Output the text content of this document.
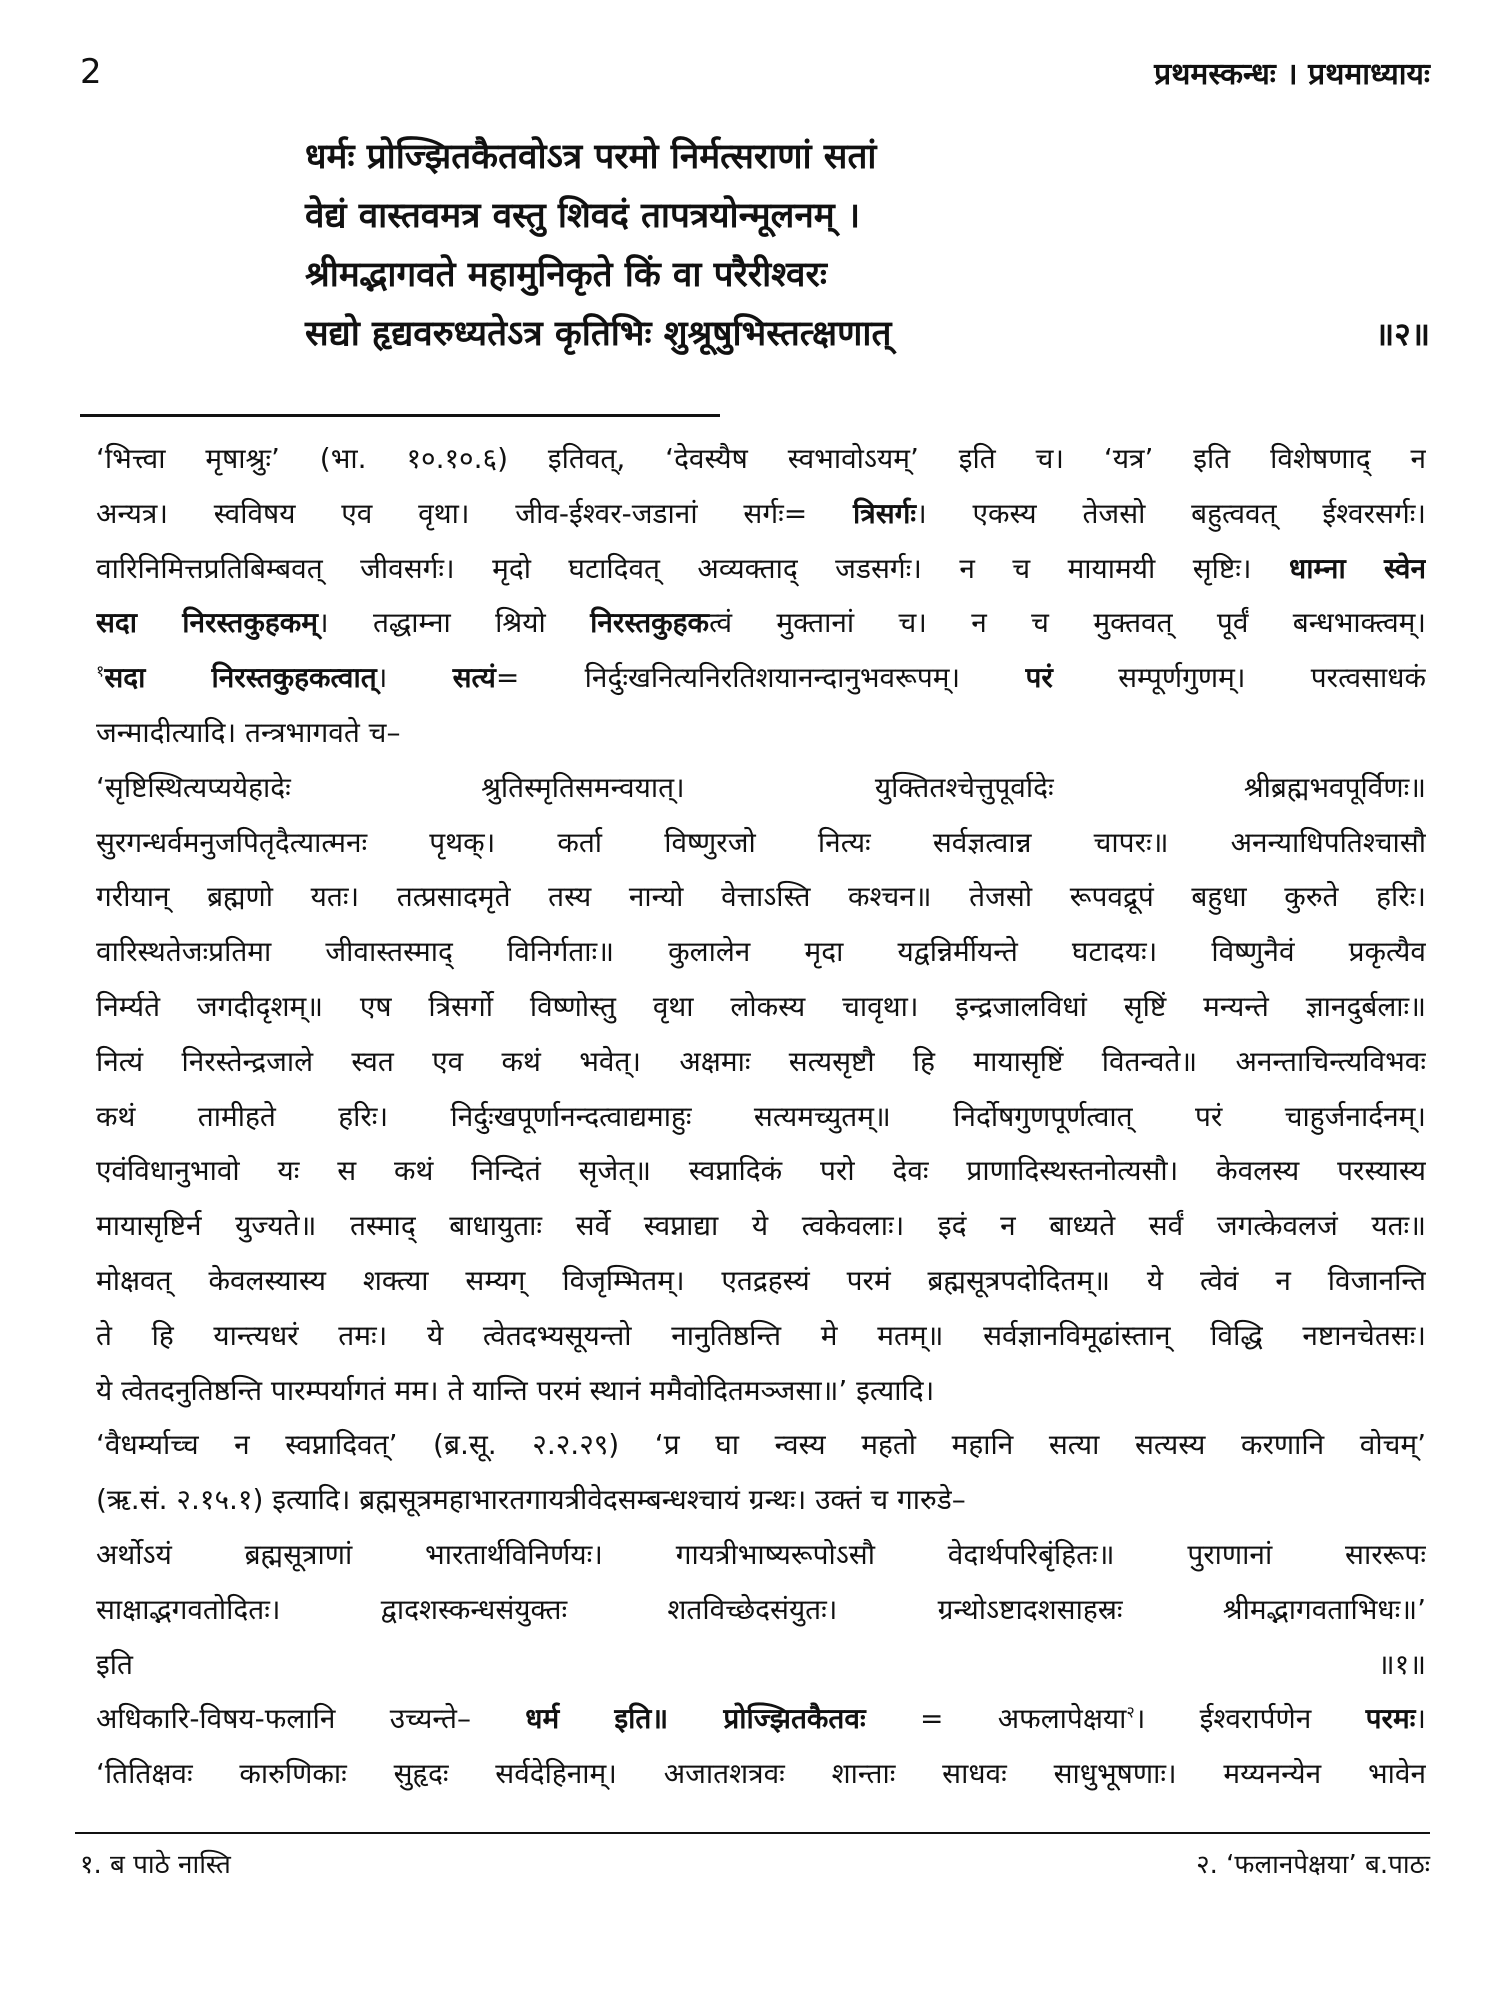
2	प्रथमस्कन्धः । प्रथमाध्यायः
धर्मः प्रोज्झितकैतवोऽत्र परमो निर्मत्सराणां सतां
वेद्यं वास्तवमत्र वस्तु शिवदं तापत्रयोन्मूलनम् ।
श्रीमद्भागवते महामुनिकृते किं वा परैरीश्वरः
सद्यो हृद्यवरुध्यतेऽत्र कृतिभिः शुश्रूषुभिस्तत्क्षणात्	॥२॥
‘भित्त्वा मृषाश्रुः’ (भा. १०.१०.६) इतिवत्, ‘देवस्यैष स्वभावोऽयम्’ इति च। ‘यत्र’ इति विशेषणाद् न
अन्यत्र। स्वविषय एव वृथा। जीव-ईश्वर-जडानां सर्गः= त्रिसर्गः। एकस्य तेजसो बहुत्ववत् ईश्वरसर्गः।
वारिनिमित्तप्रतिबिम्बवत् जीवसर्गः। मृदो घटादिवत् अव्यक्ताद् जडसर्गः। न च मायामयी सृष्टिः। धाम्ना स्वेन
सदा निरस्तकुहकम्। तद्धाम्ना श्रियो निरस्तकुहकत्वं मुक्तानां च। न च मुक्तवत् पूर्वं बन्धभाक्त्वम्।
$^१$सदा निरस्तकुहकत्वात्। सत्यं= निर्दुःखनित्यनिरतिशयानन्दानुभवरूपम्। परं सम्पूर्णगुणम्। परत्वसाधकं
जन्मादीत्यादि। तन्त्रभागवते च–
‘सृष्टिस्थित्यप्ययेहादेः श्रुतिस्मृतिसमन्वयात्। युक्तितश्चेत्तुपूर्वादेः श्रीब्रह्मभवपूर्विणः॥
सुरगन्धर्वमनुजपितृदैत्यात्मनः पृथक्। कर्ता विष्णुरजो नित्यः सर्वज्ञत्वान्न चापरः॥ अनन्याधिपतिश्चासौ
गरीयान् ब्रह्मणो यतः। तत्प्रसादमृते तस्य नान्यो वेत्ताऽस्ति कश्चन॥ तेजसो रूपवद्रूपं बहुधा कुरुते हरिः।
वारिस्थतेजःप्रतिमा जीवास्तस्माद् विनिर्गताः॥ कुलालेन मृदा यद्वन्निर्मीयन्ते घटादयः। विष्णुनैवं प्रकृत्यैव
निर्म्यते जगदीदृशम्॥ एष त्रिसर्गो विष्णोस्तु वृथा लोकस्य चावृथा। इन्द्रजालविधां सृष्टिं मन्यन्ते ज्ञानदुर्बलाः॥
नित्यं निरस्तेन्द्रजाले स्वत एव कथं भवेत्। अक्षमाः सत्यसृष्टौ हि मायासृष्टिं वितन्वते॥ अनन्ताचिन्त्यविभवः
कथं तामीहते हरिः। निर्दुःखपूर्णानन्दत्वाद्यमाहुः सत्यमच्युतम्॥ निर्दोषगुणपूर्णत्वात् परं चाहुर्जनार्दनम्।
एवंविधानुभावो यः स कथं निन्दितं सृजेत्॥ स्वप्नादिकं परो देवः प्राणादिस्थस्तनोत्यसौ। केवलस्य परस्यास्य
मायासृष्टिर्न युज्यते॥ तस्माद् बाधायुताः सर्वे स्वप्नाद्या ये त्वकेवलाः। इदं न बाध्यते सर्वं जगत्केवलजं यतः॥
मोक्षवत् केवलस्यास्य शक्त्या सम्यग् विजृम्भितम्। एतद्रहस्यं परमं ब्रह्मसूत्रपदोदितम्॥ ये त्वेवं न विजानन्ति
ते हि यान्त्यधरं तमः। ये त्वेतदभ्यसूयन्तो नानुतिष्ठन्ति मे मतम्॥ सर्वज्ञानविमूढांस्तान् विद्धि नष्टानचेतसः।
ये त्वेतदनुतिष्ठन्ति पारम्पर्यागतं मम। ते यान्ति परमं स्थानं ममैवोदितमञ्जसा॥’ इत्यादि।
‘वैधर्म्याच्च न स्वप्नादिवत्’ (ब्र.सू. २.२.२९) ‘प्र घा न्वस्य महतो महानि सत्या सत्यस्य करणानि वोचम्’
(ऋ.सं. २.१५.१) इत्यादि। ब्रह्मसूत्रमहाभारतगायत्रीवेदसम्बन्धश्चायं ग्रन्थः। उक्तं च गारुडे–
अर्थोऽयं ब्रह्मसूत्राणां भारतार्थविनिर्णयः। गायत्रीभाष्यरूपोऽसौ वेदार्थपरिबृंहितः॥ पुराणानां साररूपः
साक्षाद्भगवतोदितः। द्वादशस्कन्धसंयुक्तः शतविच्छेदसंयुतः। ग्रन्थोऽष्टादशसाहस्रः श्रीमद्भागवताभिधः॥’
इति	॥१॥
अधिकारि-विषय-फलानि उच्यन्ते– धर्म इति॥ प्रोज्झितकैतवः = अफलापेक्षया$^२$। ईश्वरार्पणेन परमः।
‘तितिक्षवः कारुणिकाः सुहृदः सर्वदेहिनाम्। अजातशत्रवः शान्ताः साधवः साधुभूषणाः। मय्यनन्येन भावेन
१. ब पाठे नास्ति	२. ‘फलानपेक्षया’ ब.पाठः
